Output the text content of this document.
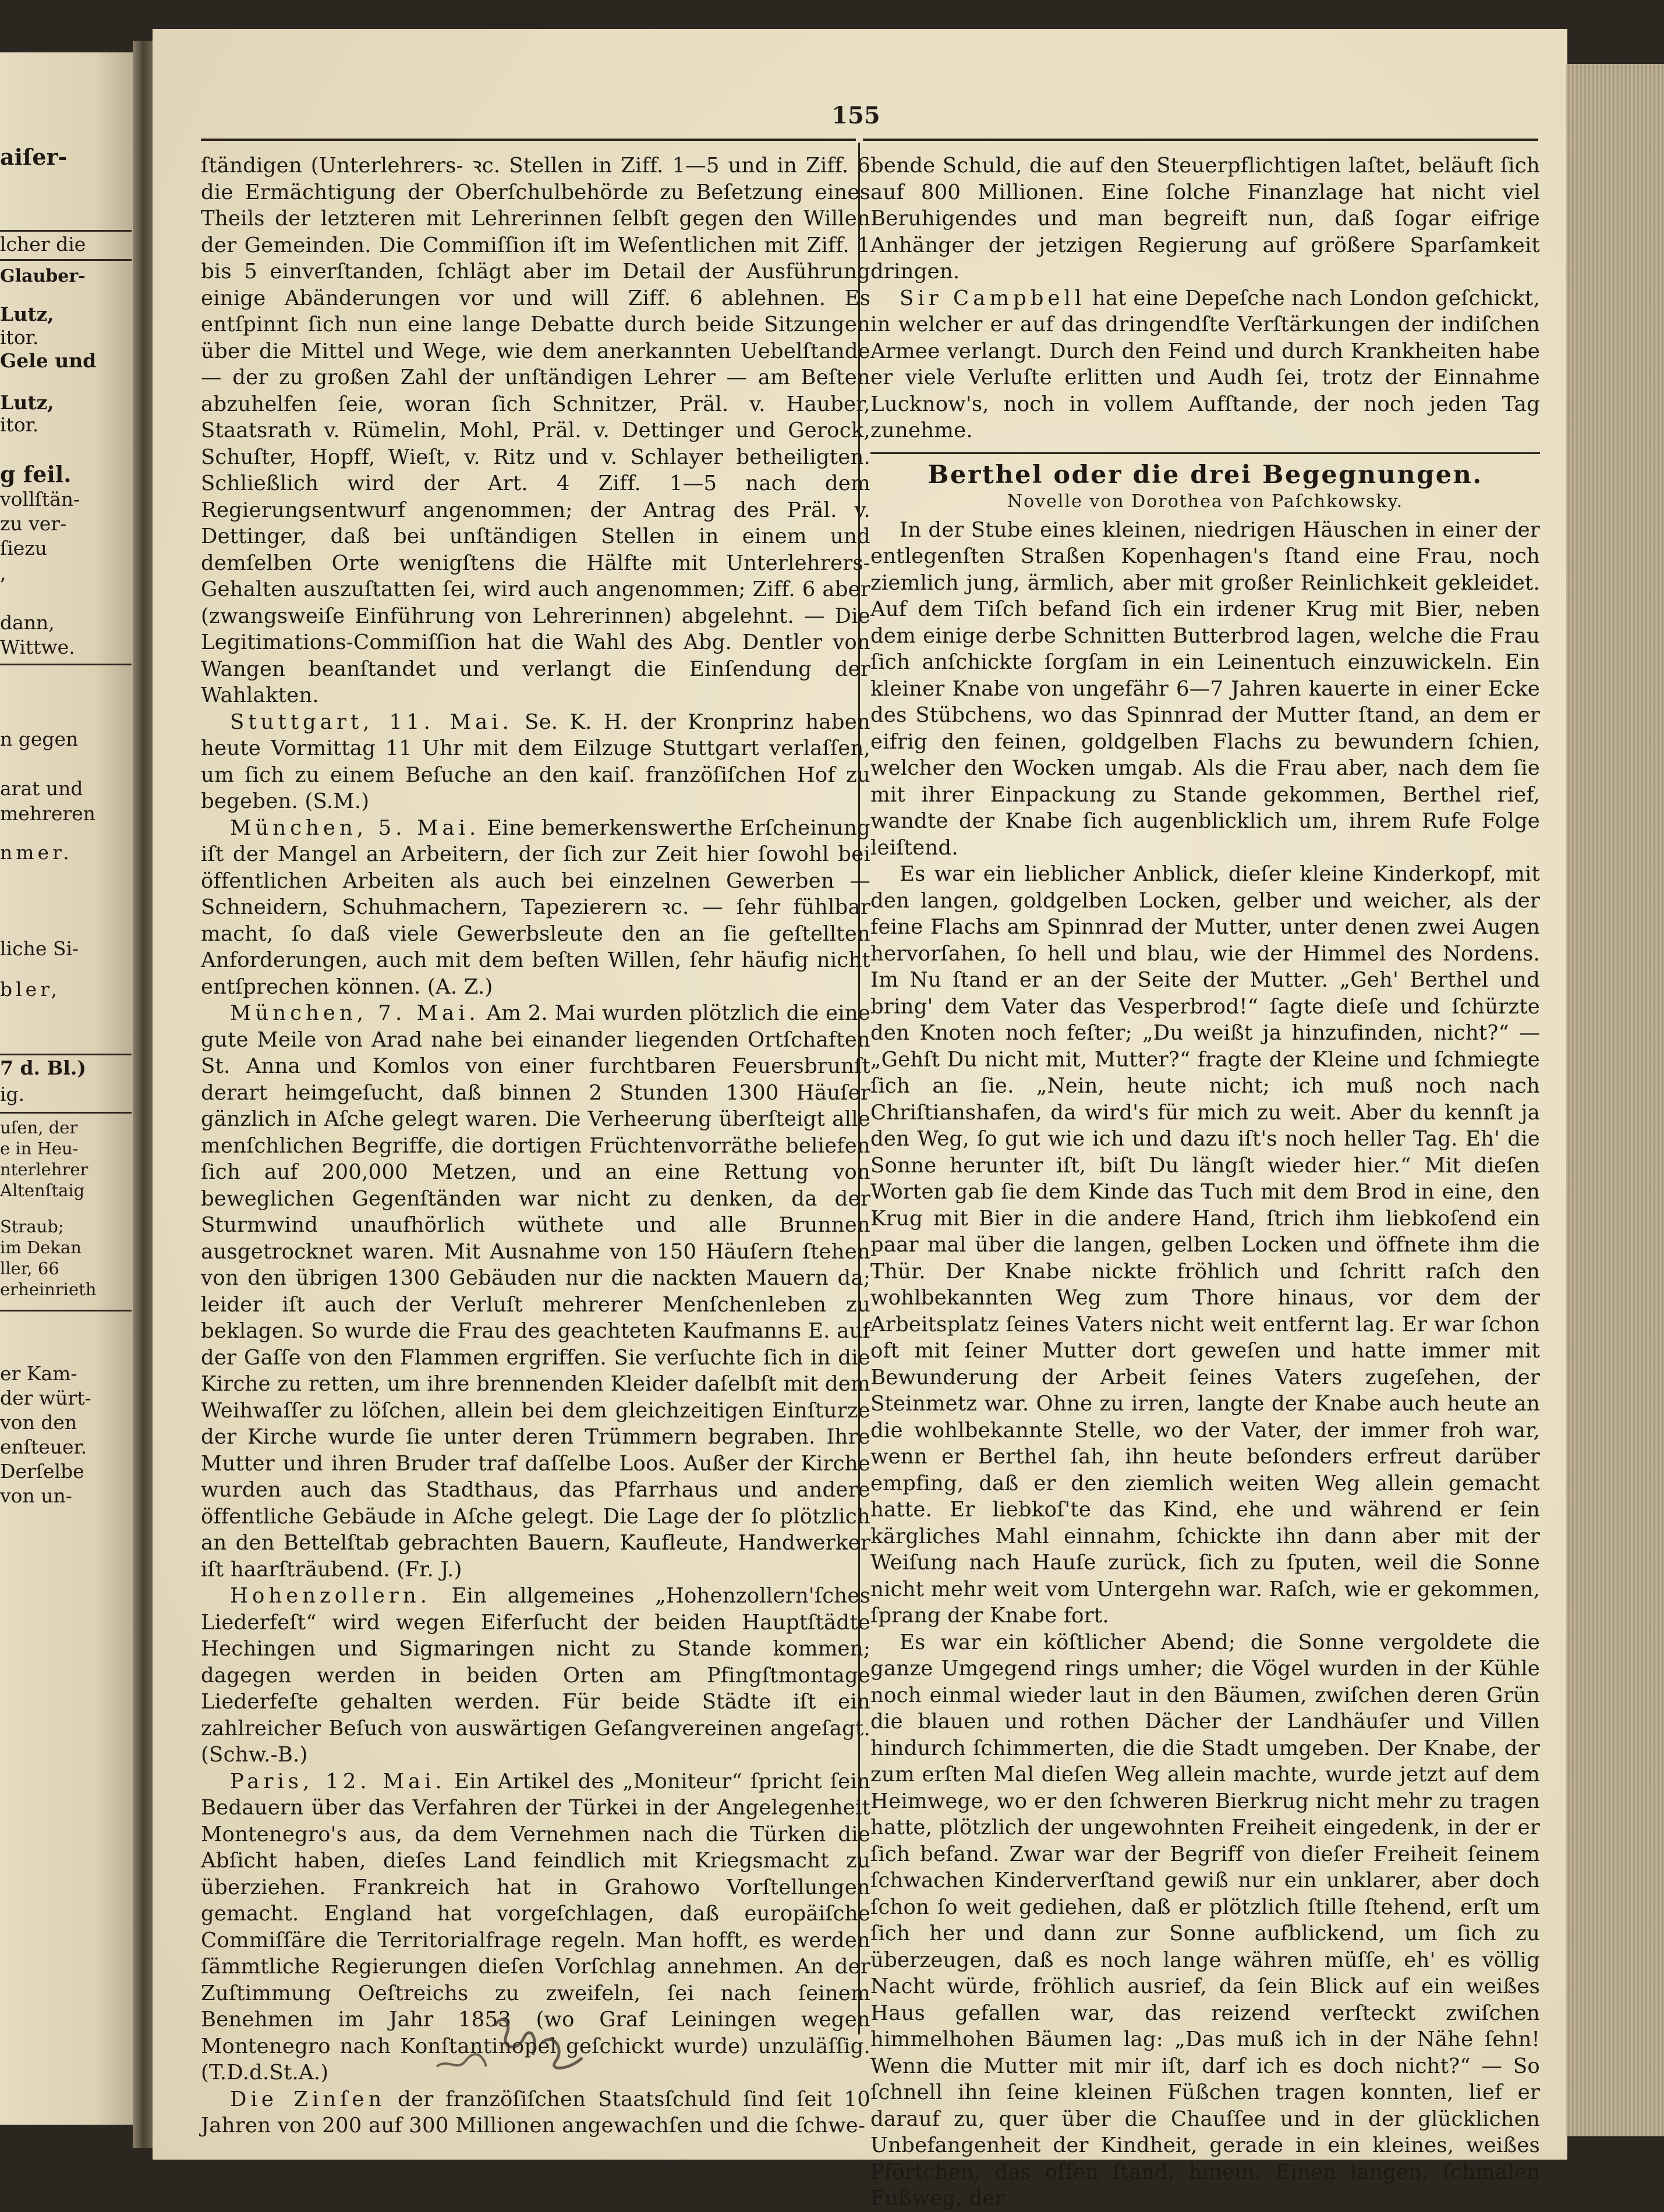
aiſer-
lcher die
Glauber-
Lutz,
itor.
Gele und
Lutz,
itor.
g feil.
vollſtän-
zu ver-
ſiezu
,
dann,
Wittwe.
n gegen
arat und
mehreren
nmer.
liche Si-
bler,
7 d. Bl.)
ig.
uſen, der
e in Heu-
nterlehrer
Altenſtaig
Straub;
im Dekan
ller, 66
erheinrieth
er Kam-
der würt-
von den
enſteuer.
Derſelbe
von un-
155

ſtändigen (Unterlehrers- ꝛc. Stellen in Ziff. 1—5 und in Ziff. 6 die Ermächtigung der Oberſchulbehörde zu Beſetzung eines Theils der letzteren mit Lehrerinnen ſelbſt gegen den Willen der Gemeinden. Die Commiſſion iſt im Weſentlichen mit Ziff. 1 bis 5 einverſtanden, ſchlägt aber im Detail der Ausführung einige Abänderungen vor und will Ziff. 6 ablehnen. Es entſpinnt ſich nun eine lange Debatte durch beide Sitzungen über die Mittel und Wege, wie dem anerkannten Uebelſtande — der zu großen Zahl der unſtändigen Lehrer — am Beſten abzuhelfen ſeie, woran ſich Schnitzer, Präl. v. Hauber, Staatsrath v. Rümelin, Mohl, Präl. v. Dettinger und Gerock, Schuſter, Hopff, Wieſt, v. Ritz und v. Schlayer betheiligten. Schließlich wird der Art. 4 Ziff. 1—5 nach dem Regierungsentwurf angenommen; der Antrag des Präl. v. Dettinger, daß bei unſtändigen Stellen in einem und demſelben Orte wenigſtens die Hälfte mit Unterlehrers-Gehalten auszuſtatten ſei, wird auch angenommen; Ziff. 6 aber (zwangsweiſe Einführung von Lehrerinnen) abgelehnt. — Die Legitimations-Commiſſion hat die Wahl des Abg. Dentler von Wangen beanſtandet und verlangt die Einſendung der Wahlakten.

Stuttgart, 11. Mai. Se. K. H. der Kronprinz haben heute Vormittag 11 Uhr mit dem Eilzuge Stuttgart verlaſſen, um ſich zu einem Beſuche an den kaiſ. franzöſiſchen Hof zu begeben. (S.M.)

München, 5. Mai. Eine bemerkenswerthe Erſcheinung iſt der Mangel an Arbeitern, der ſich zur Zeit hier ſowohl bei öffentlichen Arbeiten als auch bei einzelnen Gewerben — Schneidern, Schuhmachern, Tapezierern ꝛc. — ſehr fühlbar macht, ſo daß viele Gewerbsleute den an ſie geſtellten Anforderungen, auch mit dem beſten Willen, ſehr häufig nicht entſprechen können. (A. Z.)

München, 7. Mai. Am 2. Mai wurden plötzlich die eine gute Meile von Arad nahe bei einander liegenden Ortſchaften St. Anna und Komlos von einer furchtbaren Feuersbrunſt derart heimgeſucht, daß binnen 2 Stunden 1300 Häuſer gänzlich in Aſche gelegt waren. Die Verheerung überſteigt alle menſchlichen Begriffe, die dortigen Früchtenvorräthe beliefen ſich auf 200,000 Metzen, und an eine Rettung von beweglichen Gegenſtänden war nicht zu denken, da der Sturmwind unaufhörlich wüthete und alle Brunnen ausgetrocknet waren. Mit Ausnahme von 150 Häuſern ſtehen von den übrigen 1300 Gebäuden nur die nackten Mauern da; leider iſt auch der Verluſt mehrerer Menſchenleben zu beklagen. So wurde die Frau des geachteten Kaufmanns E. auf der Gaſſe von den Flammen ergriffen. Sie verſuchte ſich in die Kirche zu retten, um ihre brennenden Kleider daſelbſt mit dem Weihwaſſer zu löſchen, allein bei dem gleichzeitigen Einſturze der Kirche wurde ſie unter deren Trümmern begraben. Ihre Mutter und ihren Bruder traf daſſelbe Loos. Außer der Kirche wurden auch das Stadthaus, das Pfarrhaus und andere öffentliche Gebäude in Aſche gelegt. Die Lage der ſo plötzlich an den Bettelſtab gebrachten Bauern, Kaufleute, Handwerker iſt haarſträubend. (Fr. J.)

Hohenzollern. Ein allgemeines „Hohenzollern'ſches Liederfeſt“ wird wegen Eiferſucht der beiden Hauptſtädte Hechingen und Sigmaringen nicht zu Stande kommen; dagegen werden in beiden Orten am Pfingſtmontage Liederfeſte gehalten werden. Für beide Städte iſt ein zahlreicher Beſuch von auswärtigen Geſangvereinen angeſagt. (Schw.-B.)

Paris, 12. Mai. Ein Artikel des „Moniteur“ ſpricht ſein Bedauern über das Verfahren der Türkei in der Angelegenheit Montenegro's aus, da dem Vernehmen nach die Türken die Abſicht haben, dieſes Land feindlich mit Kriegsmacht zu überziehen. Frankreich hat in Grahowo Vorſtellungen gemacht. England hat vorgeſchlagen, daß europäiſche Commiſſäre die Territorialfrage regeln. Man hofft, es werden ſämmtliche Regierungen dieſen Vorſchlag annehmen. An der Zuſtimmung Oeſtreichs zu zweifeln, ſei nach ſeinem Benehmen im Jahr 1853 (wo Graf Leiningen wegen Montenegro nach Konſtantinopel geſchickt wurde) unzuläſſig. (T.D.d.St.A.)

Die Zinſen der franzöſiſchen Staatsſchuld ſind ſeit 10 Jahren von 200 auf 300 Millionen angewachſen und die ſchwe-

bende Schuld, die auf den Steuerpflichtigen laſtet, beläuft ſich auf 800 Millionen. Eine ſolche Finanzlage hat nicht viel Beruhigendes und man begreift nun, daß ſogar eifrige Anhänger der jetzigen Regierung auf größere Sparſamkeit dringen.

Sir Campbell hat eine Depeſche nach London geſchickt, in welcher er auf das dringendſte Verſtärkungen der indiſchen Armee verlangt. Durch den Feind und durch Krankheiten habe er viele Verluſte erlitten und Audh ſei, trotz der Einnahme Lucknow's, noch in vollem Aufſtande, der noch jeden Tag zunehme.

Berthel oder die drei Begegnungen.
Novelle von Dorothea von Paſchkowsky.

In der Stube eines kleinen, niedrigen Häuschen in einer der entlegenſten Straßen Kopenhagen's ſtand eine Frau, noch ziemlich jung, ärmlich, aber mit großer Reinlichkeit gekleidet. Auf dem Tiſch befand ſich ein irdener Krug mit Bier, neben dem einige derbe Schnitten Butterbrod lagen, welche die Frau ſich anſchickte ſorgſam in ein Leinentuch einzuwickeln. Ein kleiner Knabe von ungefähr 6—7 Jahren kauerte in einer Ecke des Stübchens, wo das Spinnrad der Mutter ſtand, an dem er eifrig den feinen, goldgelben Flachs zu bewundern ſchien, welcher den Wocken umgab. Als die Frau aber, nach dem ſie mit ihrer Einpackung zu Stande gekommen, Berthel rief, wandte der Knabe ſich augenblicklich um, ihrem Rufe Folge leiſtend.

Es war ein lieblicher Anblick, dieſer kleine Kinderkopf, mit den langen, goldgelben Locken, gelber und weicher, als der feine Flachs am Spinnrad der Mutter, unter denen zwei Augen hervorſahen, ſo hell und blau, wie der Himmel des Nordens. Im Nu ſtand er an der Seite der Mutter. „Geh' Berthel und bring' dem Vater das Vesperbrod!“ ſagte dieſe und ſchürzte den Knoten noch feſter; „Du weißt ja hinzufinden, nicht?“ — „Gehſt Du nicht mit, Mutter?“ fragte der Kleine und ſchmiegte ſich an ſie. „Nein, heute nicht; ich muß noch nach Chriſtianshafen, da wird's für mich zu weit. Aber du kennſt ja den Weg, ſo gut wie ich und dazu iſt's noch heller Tag. Eh' die Sonne herunter iſt, biſt Du längſt wieder hier.“ Mit dieſen Worten gab ſie dem Kinde das Tuch mit dem Brod in eine, den Krug mit Bier in die andere Hand, ſtrich ihm liebkoſend ein paar mal über die langen, gelben Locken und öffnete ihm die Thür. Der Knabe nickte fröhlich und ſchritt raſch den wohlbekannten Weg zum Thore hinaus, vor dem der Arbeitsplatz ſeines Vaters nicht weit entfernt lag. Er war ſchon oft mit ſeiner Mutter dort geweſen und hatte immer mit Bewunderung der Arbeit ſeines Vaters zugeſehen, der Steinmetz war. Ohne zu irren, langte der Knabe auch heute an die wohlbekannte Stelle, wo der Vater, der immer froh war, wenn er Berthel ſah, ihn heute beſonders erfreut darüber empfing, daß er den ziemlich weiten Weg allein gemacht hatte. Er liebkoſ'te das Kind, ehe und während er ſein kärgliches Mahl einnahm, ſchickte ihn dann aber mit der Weiſung nach Hauſe zurück, ſich zu ſputen, weil die Sonne nicht mehr weit vom Untergehn war. Raſch, wie er gekommen, ſprang der Knabe fort.

Es war ein köſtlicher Abend; die Sonne vergoldete die ganze Umgegend rings umher; die Vögel wurden in der Kühle noch einmal wieder laut in den Bäumen, zwiſchen deren Grün die blauen und rothen Dächer der Landhäuſer und Villen hindurch ſchimmerten, die die Stadt umgeben. Der Knabe, der zum erſten Mal dieſen Weg allein machte, wurde jetzt auf dem Heimwege, wo er den ſchweren Bierkrug nicht mehr zu tragen hatte, plötzlich der ungewohnten Freiheit eingedenk, in der er ſich befand. Zwar war der Begriff von dieſer Freiheit ſeinem ſchwachen Kinderverſtand gewiß nur ein unklarer, aber doch ſchon ſo weit gediehen, daß er plötzlich ſtille ſtehend, erſt um ſich her und dann zur Sonne aufblickend, um ſich zu überzeugen, daß es noch lange währen müſſe, eh' es völlig Nacht würde, fröhlich ausrief, da ſein Blick auf ein weißes Haus gefallen war, das reizend verſteckt zwiſchen himmelhohen Bäumen lag: „Das muß ich in der Nähe ſehn! Wenn die Mutter mit mir iſt, darf ich es doch nicht?“ — So ſchnell ihn ſeine kleinen Füßchen tragen konnten, lief er darauf zu, quer über die Chauſſee und in der glücklichen Unbefangenheit der Kindheit, gerade in ein kleines, weißes Pförtchen, das offen ſtand, hinein. Einen langen, ſchmalen Fußweg, der
